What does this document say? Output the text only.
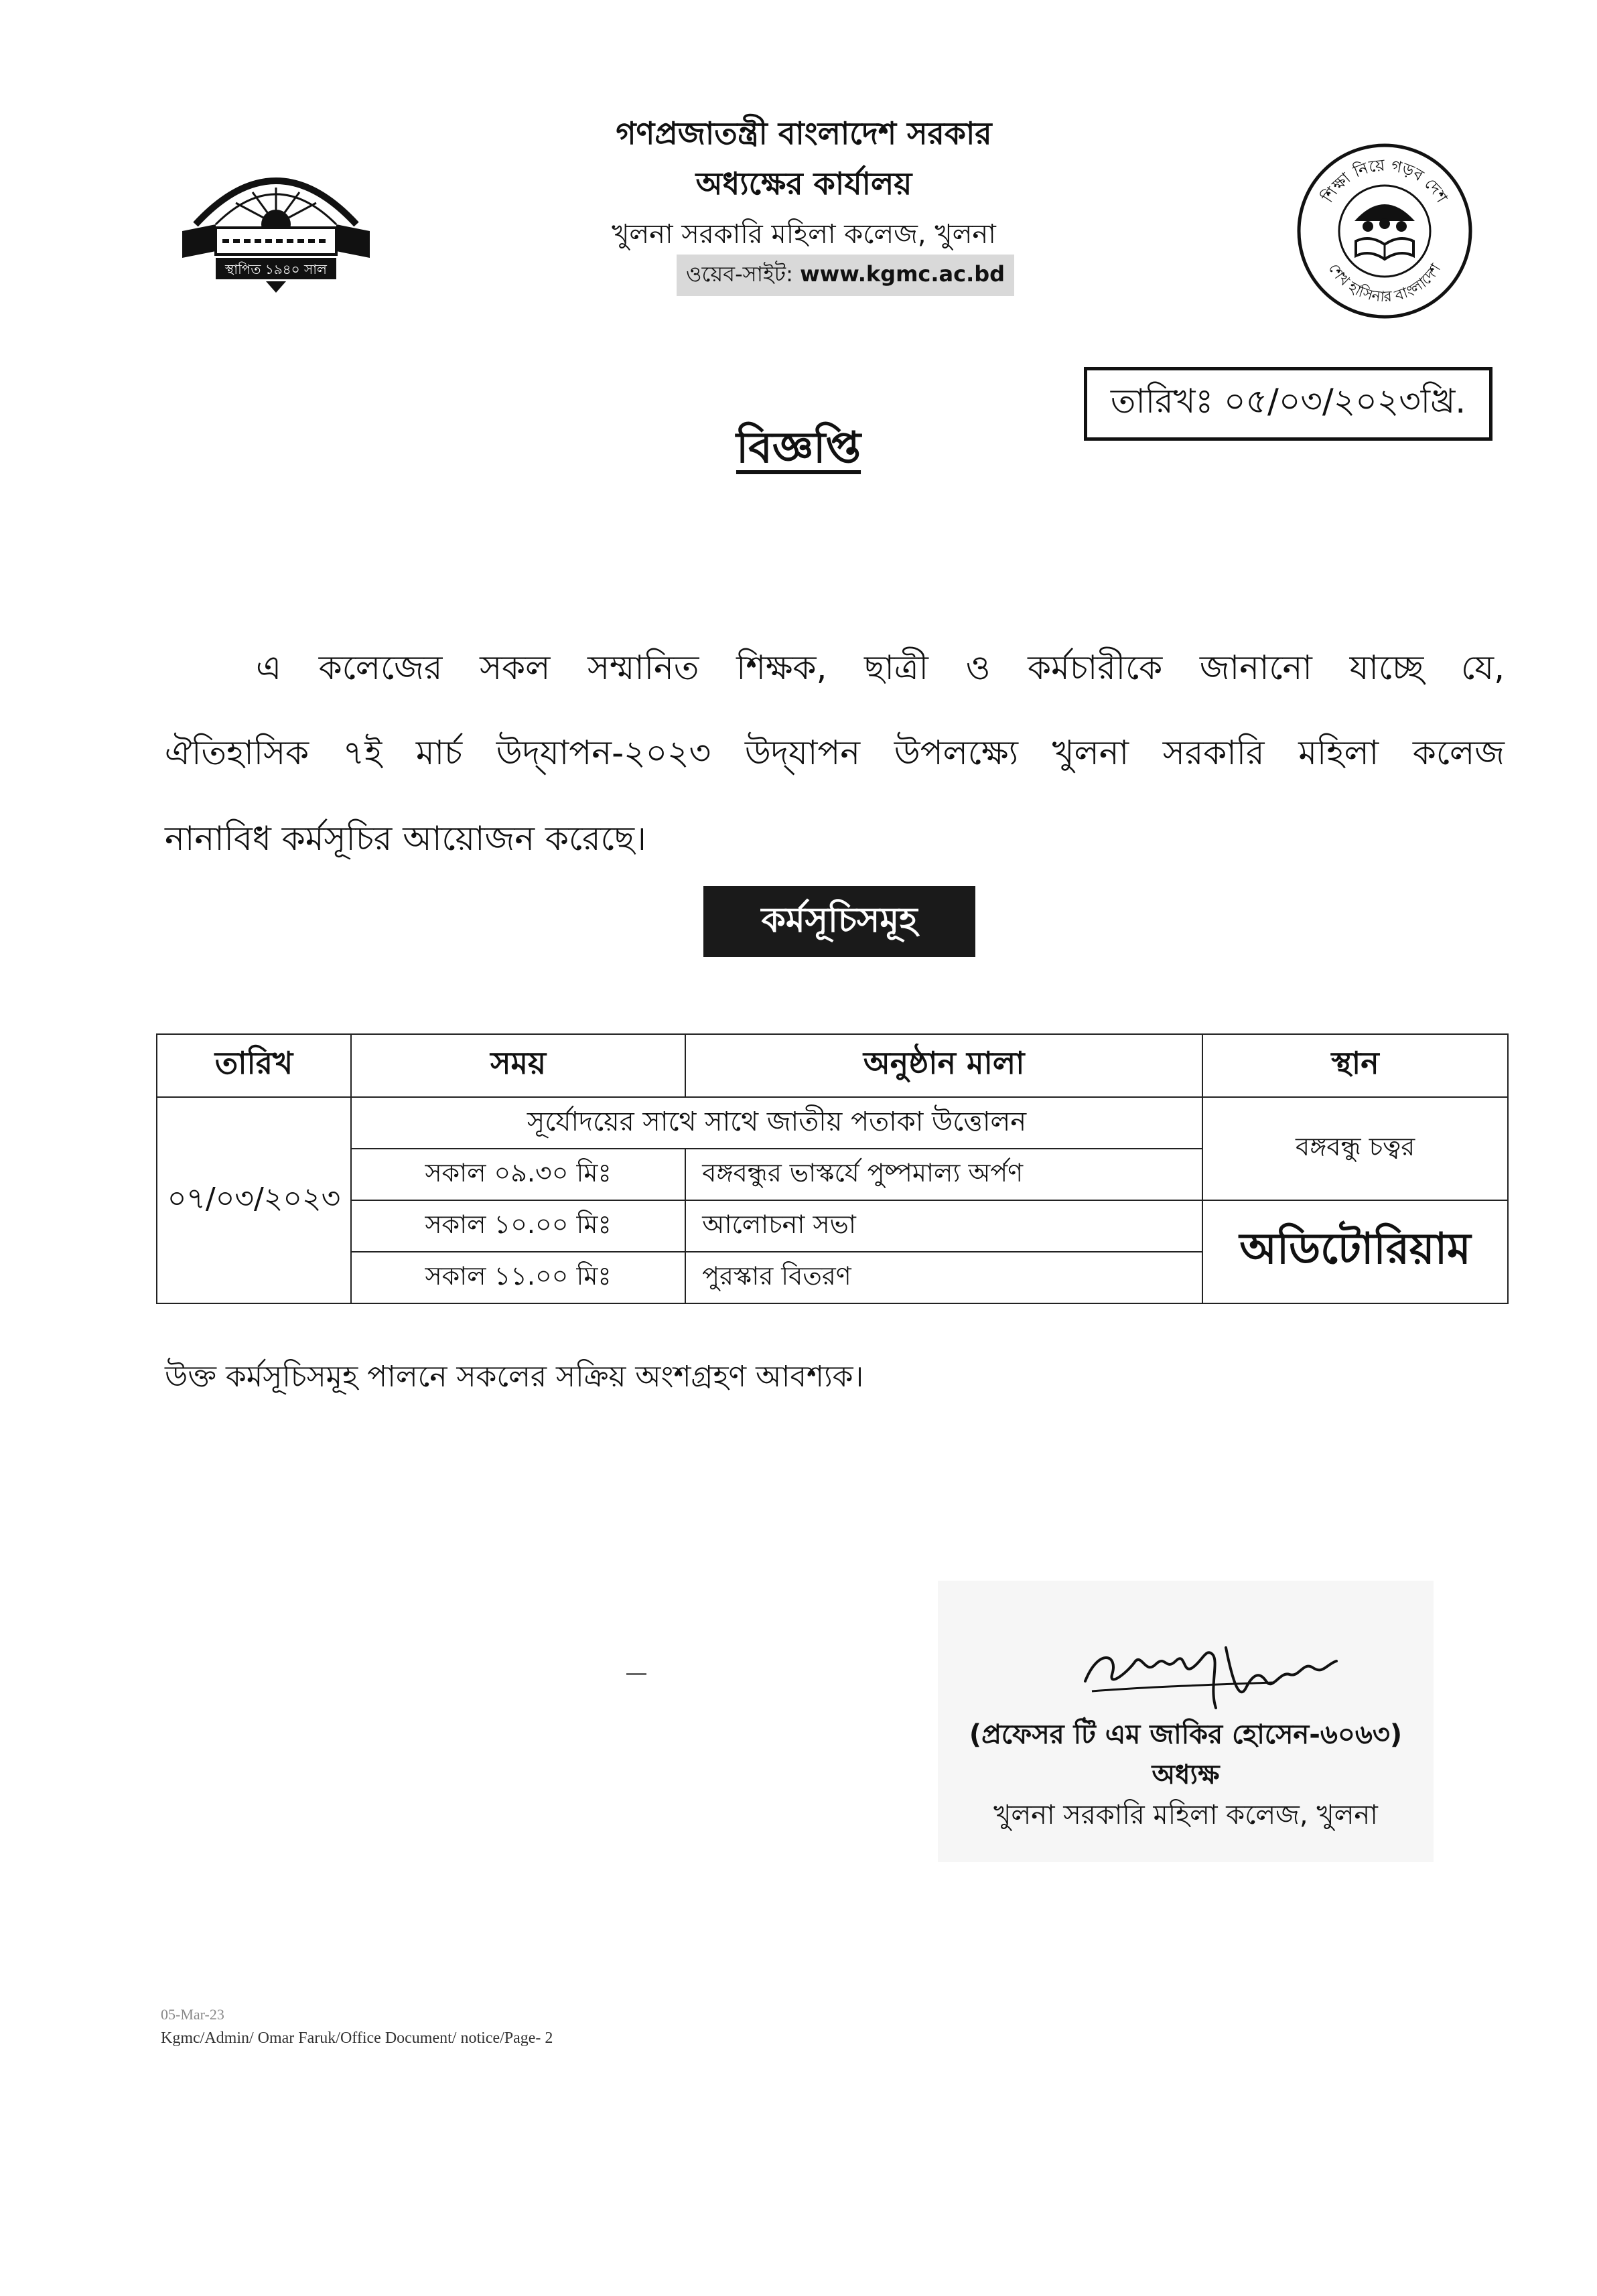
গণপ্রজাতন্ত্রী বাংলাদেশ সরকার
অধ্যক্ষের কার্যালয়
খুলনা সরকারি মহিলা কলেজ, খুলনা
ওয়েব-সাইট: www.kgmc.ac.bd
স্থাপিত ১৯৪০ সাল
শিক্ষা নিয়ে গড়ব দেশ
শেখ হাসিনার বাংলাদেশ
তারিখঃ ০৫/০৩/২০২৩খ্রি.
বিজ্ঞপ্তি
এ কলেজের সকল সম্মানিত শিক্ষক, ছাত্রী ও কর্মচারীকে জানানো যাচ্ছে যে,
ঐতিহাসিক ৭ই মার্চ উদ্‌যাপন-২০২৩ উদ্‌যাপন উপলক্ষ্যে খুলনা সরকারি মহিলা কলেজ
নানাবিধ কর্মসূচির আয়োজন করেছে।
কর্মসূচিসমূহ
তারিখ	সময়	অনুষ্ঠান মালা	স্থান
০৭/০৩/২০২৩	সূর্যোদয়ের সাথে সাথে জাতীয় পতাকা উত্তোলন		বঙ্গবন্ধু চত্বর
	সকাল ০৯.৩০ মিঃ	বঙ্গবন্ধুর ভাস্কর্যে পুষ্পমাল্য অর্পণ	
	সকাল ১০.০০ মিঃ	আলোচনা সভা	অডিটোরিয়াম
	সকাল ১১.০০ মিঃ	পুরস্কার বিতরণ	
উক্ত কর্মসূচিসমূহ পালনে সকলের সক্রিয় অংশগ্রহণ আবশ্যক।
(প্রফেসর টি এম জাকির হোসেন-৬০৬৩)
অধ্যক্ষ
খুলনা সরকারি মহিলা কলেজ, খুলনা
05-Mar-23
Kgmc/Admin/ Omar Faruk/Office Document/ notice/Page- 2
